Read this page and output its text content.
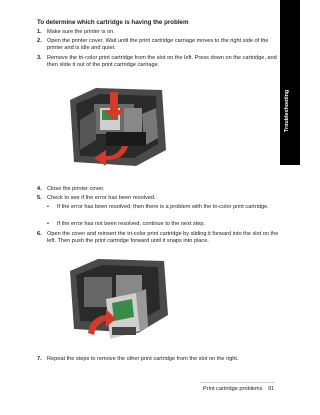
Troubleshooting
To determine which cartridge is having the problem
1. Make sure the printer is on.
2. Open the printer cover. Wait until the print cartridge carriage moves to the right side of the printer and is idle and quiet.
3. Remove the tri-color print cartridge from the slot on the left. Press down on the cartridge, and then slide it out of the print cartridge carriage.
4. Close the printer cover.
5. Check to see if the error has been resolved.
• If the error has been resolved, then there is a problem with the tri-color print cartridge.
• If the error has not been resolved, continue to the next step.
6. Open the cover and reinsert the tri-color print cartridge by sliding it forward into the slot on the left. Then push the print cartridge forward until it snaps into place.
7. Repeat the steps to remove the other print cartridge from the slot on the right.
Print cartridge problems 91
